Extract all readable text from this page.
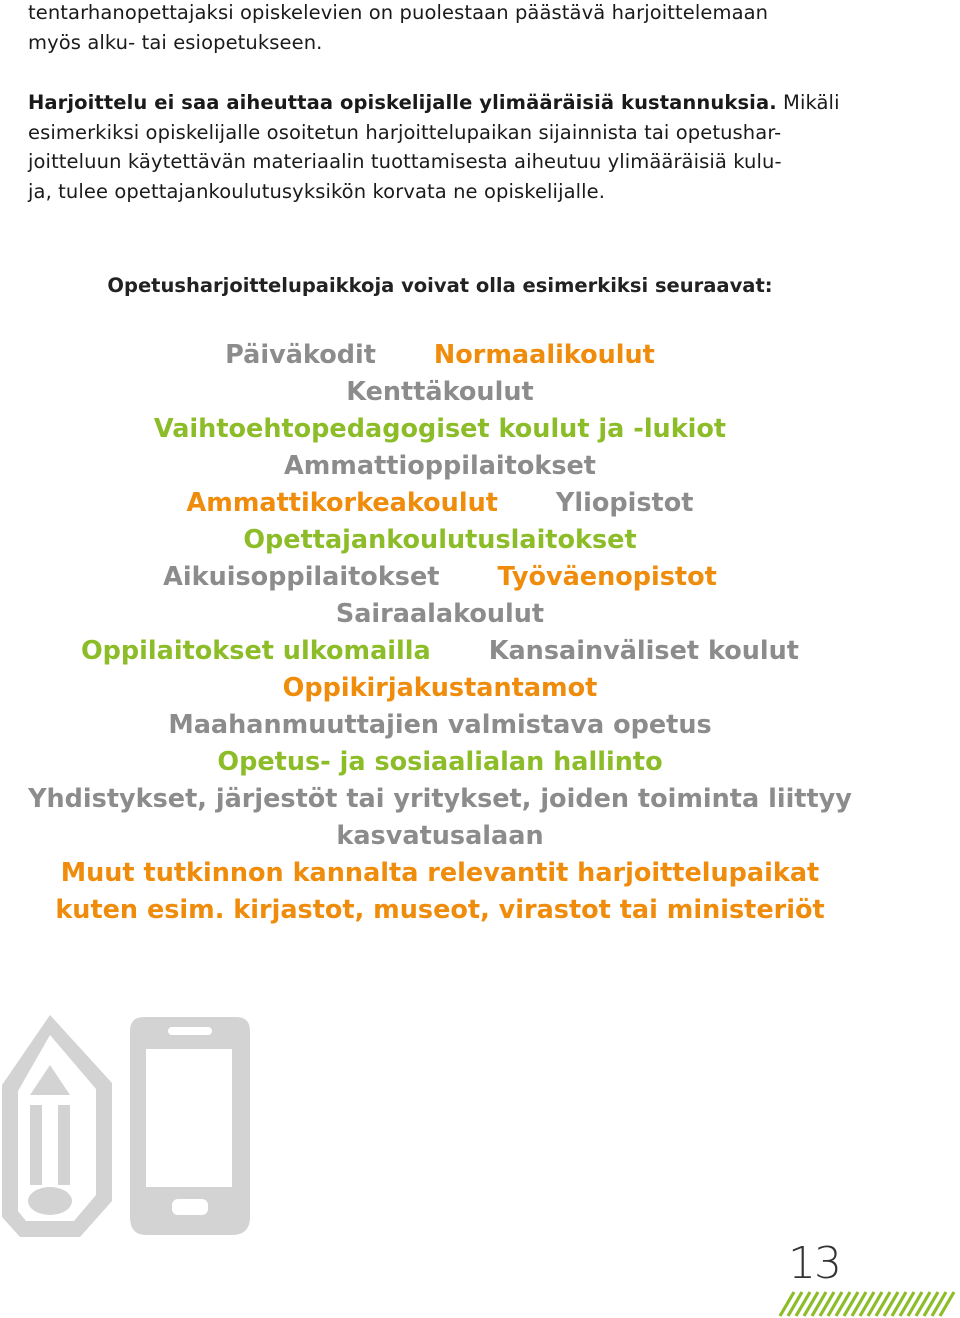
tentarhanopettajaksi opiskelevien on puolestaan päästävä harjoittelemaan
myös alku- tai esiopetukseen.
Harjoittelu ei saa aiheuttaa opiskelijalle ylimääräisiä kustannuksia. Mikäli
esimerkiksi opiskelijalle osoitetun harjoittelupaikan sijainnista tai opetushar-
joitteluun käytettävän materiaalin tuottamisesta aiheutuu ylimääräisiä kulu-
ja, tulee opettajankoulutusyksikön korvata ne opiskelijalle.
Opetusharjoittelupaikkoja voivat olla esimerkiksi seuraavat:
Päiväkodit Normaalikoulut
Kenttäkoulut
Vaihtoehtopedagogiset koulut ja -lukiot
Ammattioppilaitokset
Ammattikorkeakoulut Yliopistot
Opettajankoulutuslaitokset
Aikuisoppilaitokset Työväenopistot
Sairaalakoulut
Oppilaitokset ulkomailla Kansainväliset koulut
Oppikirjakustantamot
Maahanmuuttajien valmistava opetus
Opetus- ja sosiaalialan hallinto
Yhdistykset, järjestöt tai yritykset, joiden toiminta liittyy
kasvatusalaan
Muut tutkinnon kannalta relevantit harjoittelupaikat
kuten esim. kirjastot, museot, virastot tai ministeriöt
13
